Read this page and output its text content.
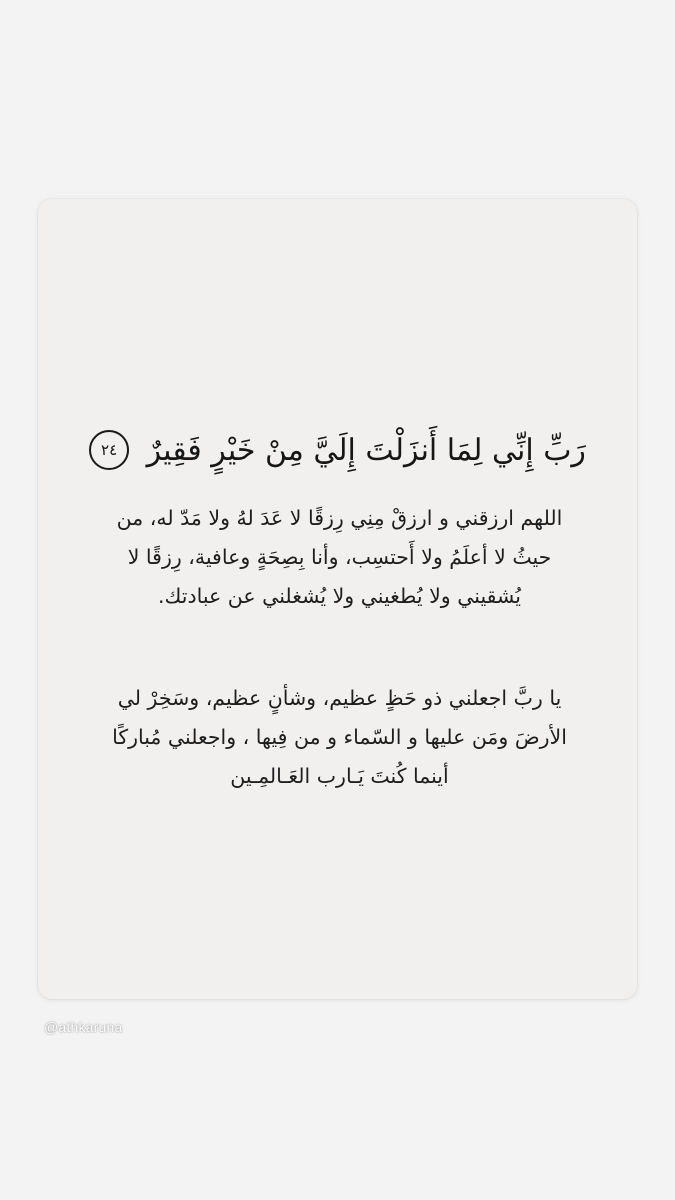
رَبِّ إِنِّي لِمَا أَنزَلْتَ إِلَيَّ مِنْ خَيْرٍ فَقِيرٌ ٢٤
اللهم ارزقني و ارزقْ مِنِي رِزقًا لا عَدَ لهُ ولا مَدّ له، من حيثُ لا أعلَمُ ولا أَحتسِب، وأنا بِصِحَةٍ وعافية، رِزقًا لا يُشقيني ولا يُطغيني ولا يُشغلني عن عبادتك.
يا ربَّ اجعلني ذو حَظٍ عظيم، وشأنٍ عظيم، وسَخِرْ لي الأرضَ ومَن عليها و السّماء و من فِيها ، واجعلني مُباركًا أينما كُنتَ يَـارب العَـالمِـين
@athkaruna
